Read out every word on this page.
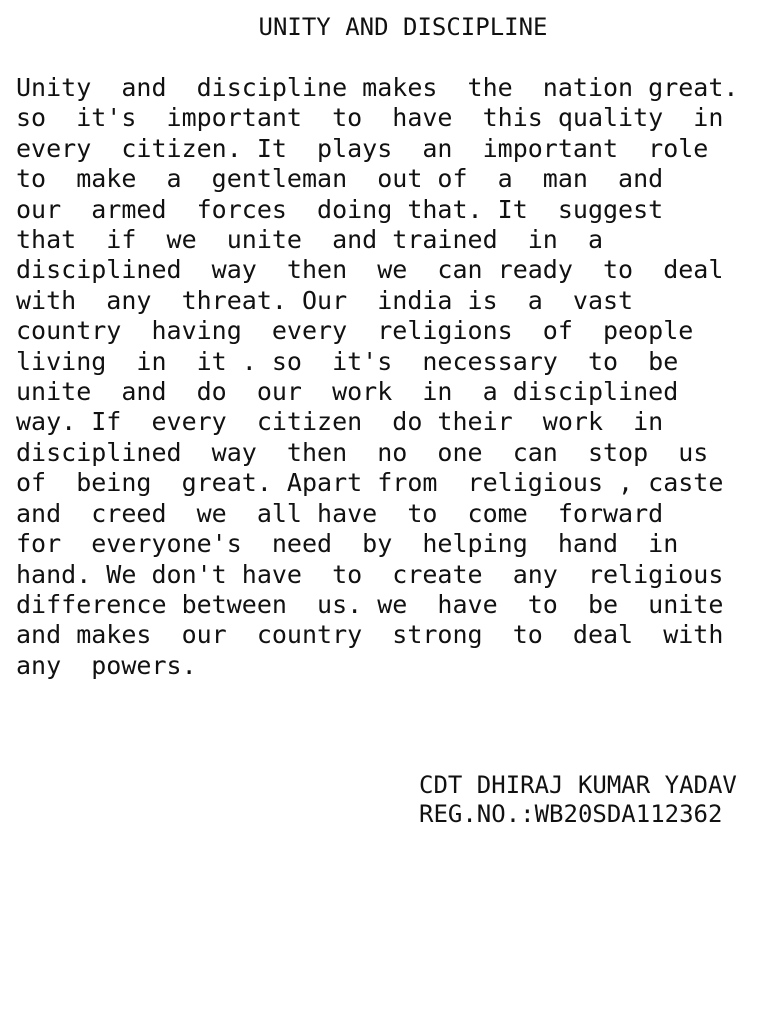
UNITY AND DISCIPLINE
Unity  and  discipline makes  the  nation great.
so  it's  important  to  have  this quality  in
every  citizen. It  plays  an  important  role
to  make  a  gentleman  out of  a  man  and
our  armed  forces  doing that. It  suggest
that  if  we  unite  and trained  in  a
disciplined  way  then  we  can ready  to  deal
with  any  threat. Our  india is  a  vast
country  having  every  religions  of  people
living  in  it . so  it's  necessary  to  be
unite  and  do  our  work  in  a disciplined
way. If  every  citizen  do their  work  in
disciplined  way  then  no  one  can  stop  us
of  being  great. Apart from  religious , caste
and  creed  we  all have  to  come  forward
for  everyone's  need  by  helping  hand  in
hand. We don't have  to  create  any  religious
difference between  us. we  have  to  be  unite
and makes  our  country  strong  to  deal  with
any  powers.
CDT DHIRAJ KUMAR YADAV
REG.NO.:WB20SDA112362
